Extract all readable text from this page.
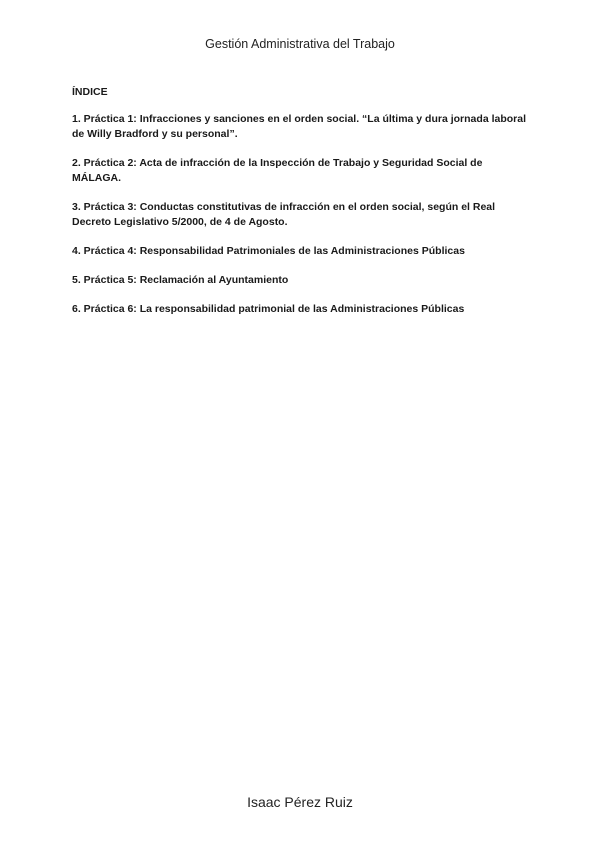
Gestión Administrativa del Trabajo
ÍNDICE
1. Práctica 1: Infracciones y sanciones en el orden social. “La última y dura jornada laboral de Willy Bradford y su personal”.
2. Práctica 2: Acta de infracción de la Inspección de Trabajo y Seguridad Social de MÁLAGA.
3. Práctica 3: Conductas constitutivas de infracción en el orden social, según el Real Decreto Legislativo 5/2000, de 4 de Agosto.
4. Práctica 4: Responsabilidad Patrimoniales de las Administraciones Públicas
5. Práctica 5: Reclamación al Ayuntamiento
6. Práctica 6: La responsabilidad patrimonial de las Administraciones Públicas
Isaac Pérez Ruiz
